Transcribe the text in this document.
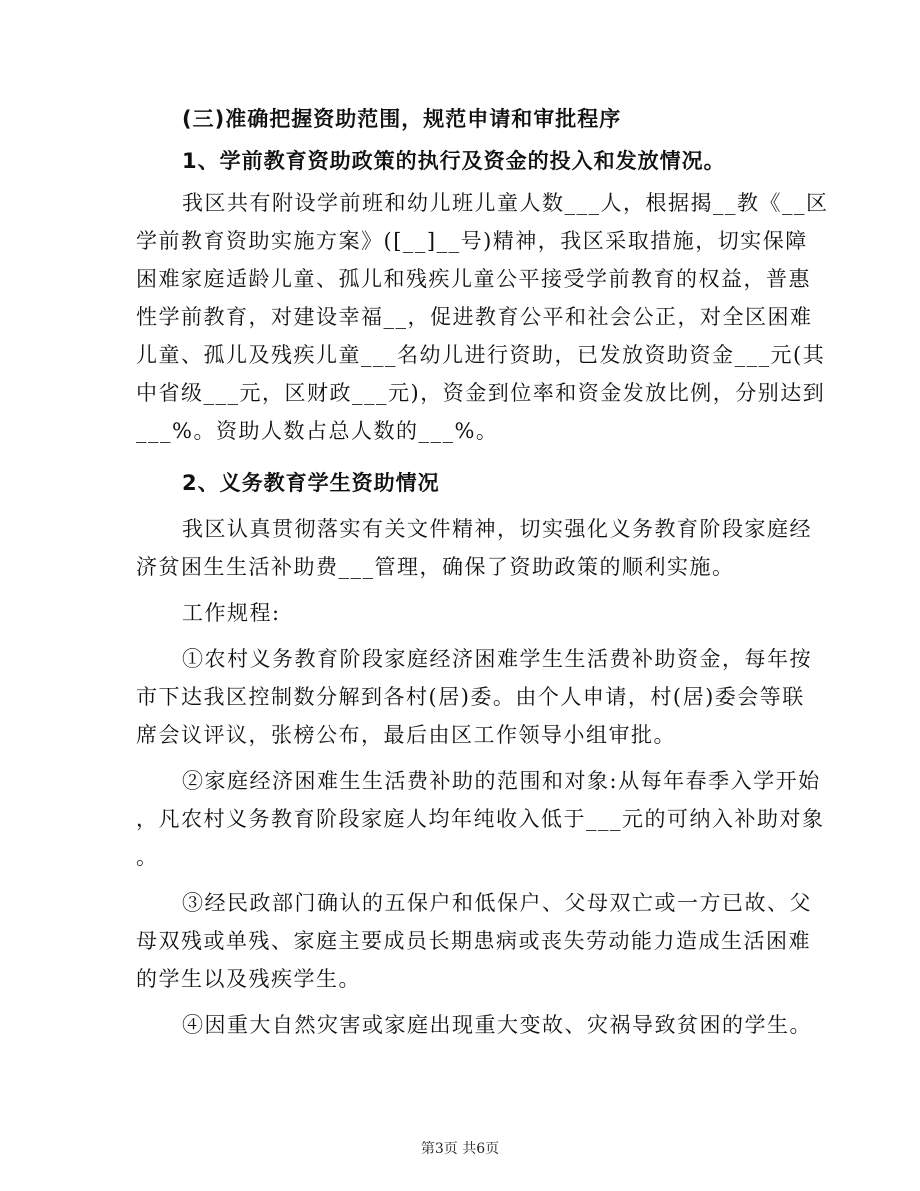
(三)准确把握资助范围，规范申请和审批程序

1、学前教育资助政策的执行及资金的投入和发放情况。

我区共有附设学前班和幼儿班儿童人数___人，根据揭__教《__区

学前教育资助实施方案》([__]__号)精神，我区采取措施，切实保障

困难家庭适龄儿童、孤儿和残疾儿童公平接受学前教育的权益，普惠

性学前教育，对建设幸福__，促进教育公平和社会公正，对全区困难

儿童、孤儿及残疾儿童___名幼儿进行资助，已发放资助资金___元(其

中省级___元，区财政___元)，资金到位率和资金发放比例，分别达到

___%。资助人数占总人数的___%。

2、义务教育学生资助情况

我区认真贯彻落实有关文件精神，切实强化义务教育阶段家庭经

济贫困生生活补助费___管理，确保了资助政策的顺利实施。

工作规程:

①农村义务教育阶段家庭经济困难学生生活费补助资金，每年按

市下达我区控制数分解到各村(居)委。由个人申请，村(居)委会等联

席会议评议，张榜公布，最后由区工作领导小组审批。

②家庭经济困难生生活费补助的范围和对象:从每年春季入学开始

，凡农村义务教育阶段家庭人均年纯收入低于___元的可纳入补助对象

。

③经民政部门确认的五保户和低保户、父母双亡或一方已故、父

母双残或单残、家庭主要成员长期患病或丧失劳动能力造成生活困难

的学生以及残疾学生。

④因重大自然灾害或家庭出现重大变故、灾祸导致贫困的学生。

第3页 共6页
